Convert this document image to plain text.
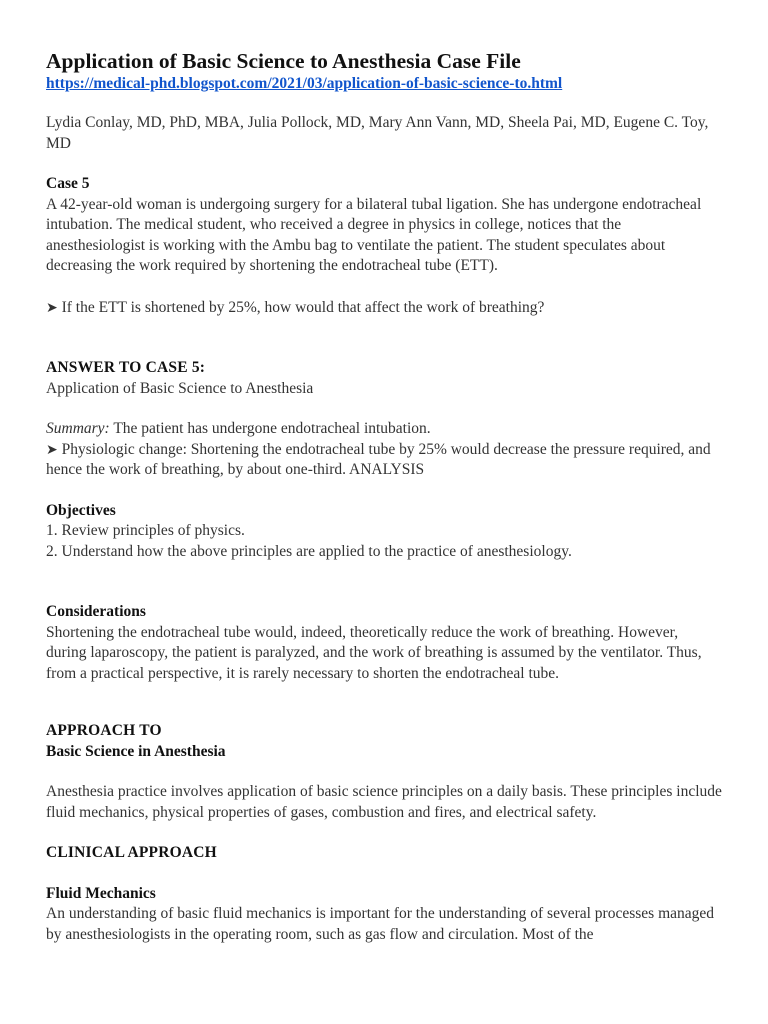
Application of Basic Science to Anesthesia Case File
https://medical-phd.blogspot.com/2021/03/application-of-basic-science-to.html

Lydia Conlay, MD, PhD, MBA, Julia Pollock, MD, Mary Ann Vann, MD, Sheela Pai, MD, Eugene C. Toy, MD

Case 5

A 42-year-old woman is undergoing surgery for a bilateral tubal ligation. She has undergone endotracheal intubation. The medical student, who received a degree in physics in college, notices that the anesthesiologist is working with the Ambu bag to ventilate the patient. The student speculates about decreasing the work required by shortening the endotracheal tube (ETT).

➤ If the ETT is shortened by 25%, how would that affect the work of breathing?

ANSWER TO CASE 5:

Application of Basic Science to Anesthesia

Summary: The patient has undergone endotracheal intubation.

➤ Physiologic change: Shortening the endotracheal tube by 25% would decrease the pressure required, and hence the work of breathing, by about one-third. ANALYSIS

Objectives

1. Review principles of physics.

2. Understand how the above principles are applied to the practice of anesthesiology.

Considerations

Shortening the endotracheal tube would, indeed, theoretically reduce the work of breathing. However, during laparoscopy, the patient is paralyzed, and the work of breathing is assumed by the ventilator. Thus, from a practical perspective, it is rarely necessary to shorten the endotracheal tube.

APPROACH TO

Basic Science in Anesthesia

Anesthesia practice involves application of basic science principles on a daily basis. These principles include fluid mechanics, physical properties of gases, combustion and fires, and electrical safety.

CLINICAL APPROACH

Fluid Mechanics

An understanding of basic fluid mechanics is important for the understanding of several processes managed by anesthesiologists in the operating room, such as gas flow and circulation. Most of the
